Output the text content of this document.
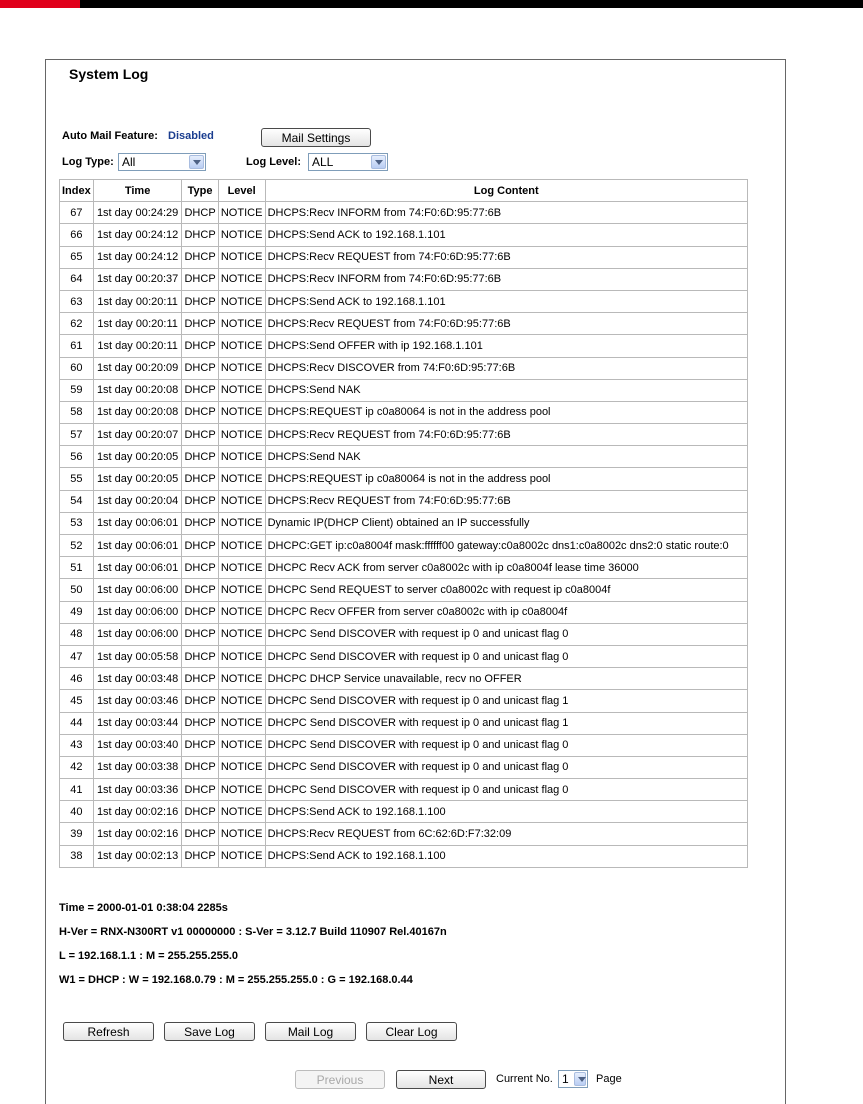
System Log
Auto Mail Feature: Disabled	Mail Settings
Log Type: All	Log Level: ALL
Index	Time	Type	Level	Log Content
67	1st day 00:24:29	DHCP	NOTICE	DHCPS:Recv INFORM from 74:F0:6D:95:77:6B
66	1st day 00:24:12	DHCP	NOTICE	DHCPS:Send ACK to 192.168.1.101
65	1st day 00:24:12	DHCP	NOTICE	DHCPS:Recv REQUEST from 74:F0:6D:95:77:6B
64	1st day 00:20:37	DHCP	NOTICE	DHCPS:Recv INFORM from 74:F0:6D:95:77:6B
63	1st day 00:20:11	DHCP	NOTICE	DHCPS:Send ACK to 192.168.1.101
62	1st day 00:20:11	DHCP	NOTICE	DHCPS:Recv REQUEST from 74:F0:6D:95:77:6B
61	1st day 00:20:11	DHCP	NOTICE	DHCPS:Send OFFER with ip 192.168.1.101
60	1st day 00:20:09	DHCP	NOTICE	DHCPS:Recv DISCOVER from 74:F0:6D:95:77:6B
59	1st day 00:20:08	DHCP	NOTICE	DHCPS:Send NAK
58	1st day 00:20:08	DHCP	NOTICE	DHCPS:REQUEST ip c0a80064 is not in the address pool
57	1st day 00:20:07	DHCP	NOTICE	DHCPS:Recv REQUEST from 74:F0:6D:95:77:6B
56	1st day 00:20:05	DHCP	NOTICE	DHCPS:Send NAK
55	1st day 00:20:05	DHCP	NOTICE	DHCPS:REQUEST ip c0a80064 is not in the address pool
54	1st day 00:20:04	DHCP	NOTICE	DHCPS:Recv REQUEST from 74:F0:6D:95:77:6B
53	1st day 00:06:01	DHCP	NOTICE	Dynamic IP(DHCP Client) obtained an IP successfully
52	1st day 00:06:01	DHCP	NOTICE	DHCPC:GET ip:c0a8004f mask:ffffff00 gateway:c0a8002c dns1:c0a8002c dns2:0 static route:0
51	1st day 00:06:01	DHCP	NOTICE	DHCPC Recv ACK from server c0a8002c with ip c0a8004f lease time 36000
50	1st day 00:06:00	DHCP	NOTICE	DHCPC Send REQUEST to server c0a8002c with request ip c0a8004f
49	1st day 00:06:00	DHCP	NOTICE	DHCPC Recv OFFER from server c0a8002c with ip c0a8004f
48	1st day 00:06:00	DHCP	NOTICE	DHCPC Send DISCOVER with request ip 0 and unicast flag 0
47	1st day 00:05:58	DHCP	NOTICE	DHCPC Send DISCOVER with request ip 0 and unicast flag 0
46	1st day 00:03:48	DHCP	NOTICE	DHCPC DHCP Service unavailable, recv no OFFER
45	1st day 00:03:46	DHCP	NOTICE	DHCPC Send DISCOVER with request ip 0 and unicast flag 1
44	1st day 00:03:44	DHCP	NOTICE	DHCPC Send DISCOVER with request ip 0 and unicast flag 1
43	1st day 00:03:40	DHCP	NOTICE	DHCPC Send DISCOVER with request ip 0 and unicast flag 0
42	1st day 00:03:38	DHCP	NOTICE	DHCPC Send DISCOVER with request ip 0 and unicast flag 0
41	1st day 00:03:36	DHCP	NOTICE	DHCPC Send DISCOVER with request ip 0 and unicast flag 0
40	1st day 00:02:16	DHCP	NOTICE	DHCPS:Send ACK to 192.168.1.100
39	1st day 00:02:16	DHCP	NOTICE	DHCPS:Recv REQUEST from 6C:62:6D:F7:32:09
38	1st day 00:02:13	DHCP	NOTICE	DHCPS:Send ACK to 192.168.1.100
Time = 2000-01-01 0:38:04 2285s
H-Ver = RNX-N300RT v1 00000000 : S-Ver = 3.12.7 Build 110907 Rel.40167n
L = 192.168.1.1 : M = 255.255.255.0
W1 = DHCP : W = 192.168.0.79 : M = 255.255.255.0 : G = 192.168.0.44
Refresh	Save Log	Mail Log	Clear Log
Previous	Next	Current No. 1 Page
